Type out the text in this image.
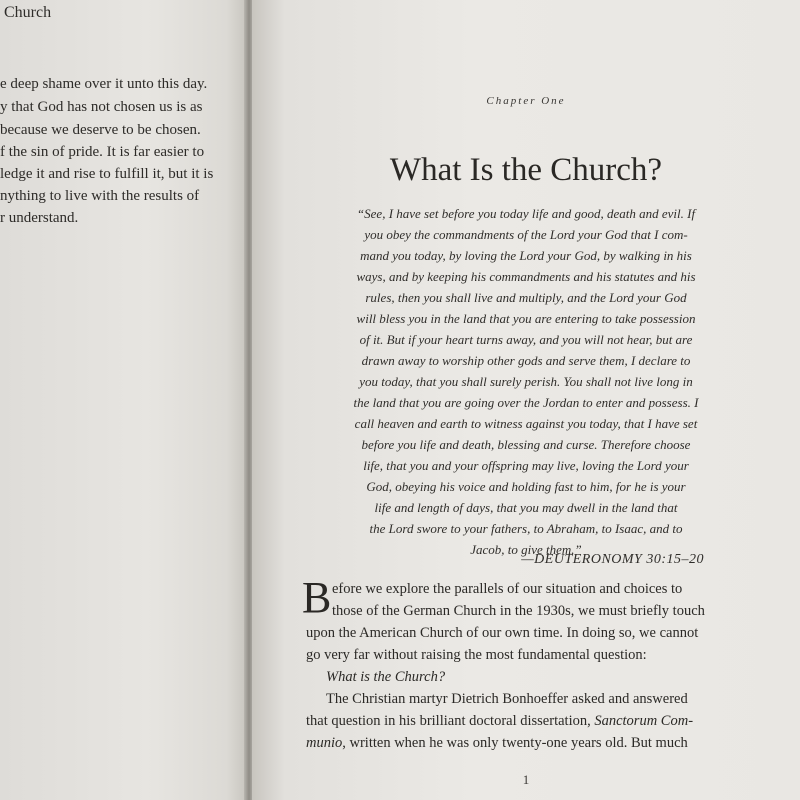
Church
e deep shame over it unto this day.
y that God has not chosen us is as
because we deserve to be chosen.
f the sin of pride. It is far easier to
ledge it and rise to fulfill it, but it is
nything to live with the results of
r understand.
Chapter One
What Is the Church?
“See, I have set before you today life and good, death and evil. If
you obey the commandments of the Lord your God that I com-
mand you today, by loving the Lord your God, by walking in his
ways, and by keeping his commandments and his statutes and his
rules, then you shall live and multiply, and the Lord your God
will bless you in the land that you are entering to take possession
of it. But if your heart turns away, and you will not hear, but are
drawn away to worship other gods and serve them, I declare to
you today, that you shall surely perish. You shall not live long in
the land that you are going over the Jordan to enter and possess. I
call heaven and earth to witness against you today, that I have set
before you life and death, blessing and curse. Therefore choose
life, that you and your offspring may live, loving the Lord your
God, obeying his voice and holding fast to him, for he is your
life and length of days, that you may dwell in the land that
the Lord swore to your fathers, to Abraham, to Isaac, and to
Jacob, to give them.”
—DEUTERONOMY 30:15–20
B efore we explore the parallels of our situation and choices to
those of the German Church in the 1930s, we must briefly touch
upon the American Church of our own time. In doing so, we cannot
go very far without raising the most fundamental question:
What is the Church?
The Christian martyr Dietrich Bonhoeffer asked and answered
that question in his brilliant doctoral dissertation, Sanctorum Com-
munio, written when he was only twenty-one years old. But much
1
